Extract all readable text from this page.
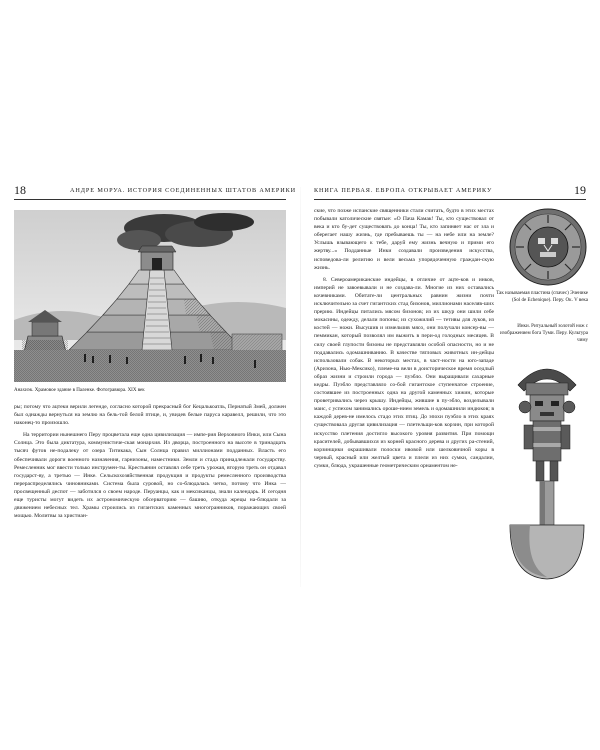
18	АНДРЕ МОРУА. ИСТОРИЯ СОЕДИНЕННЫХ ШТАТОВ АМЕРИКИ
Анахиэк. Храмовое здание в Паленке. Фотогравюра. XIX век

ры; потому что ацтеки верили легенде, согласно которой прекрасный бог Кецалькоатль, Пернатый Змей, должен был однажды вернуться на землю на бель-той белой птице, и, увидев белые паруса каравелл, решили, что это наконец-то произошло.

На территории нынешнего Перу процветала еще одна цивилизация — импе-рия Верховного Инки, или Сына Солнца. Это была диктатура, коммунистиче-ская монархия. Из дворца, построенного на высоте в тринадцать тысяч футов не-подалеку от озера Титикака, Сын Солнца правил миллионами подданных. Власть его обеспечивали дороги военного назначения, гарнизоны, наместники. Земли и стада принадлежали государству. Ремесленник мог ввести только инструмен-ты. Крестьянин оставлял себе треть урожая, вторую треть он отдавал государст-ву, а третью — Инке. Сельскохозяйственная продукция и продукты ремесленного производства перераспределялись чиновниками. Система была суровой, но со-блюдалась четко, потому что Инка — просвещенный деспот — заботился о своем народе. Перуанцы, как и мексиканцы, знали календарь. И сегодня еще туристы могут видеть их астрономическую обсерваторию — башню, откуда жрецы на-блюдали за движением небесных тел. Храмы строились из гигантских каменных многогранников, поражающих своей мощью. Молитвы за христиан-

КНИГА ПЕРВАЯ. ЕВРОПА ОТКРЫВАЕТ АМЕРИКУ	19

ские, что позже испанские священники стали считать, будто в этих местах побывали католические святые: «О Пача Камак! Ты, кто существовал от века и кто бу-дет существовать до конца! Ты, кто запиняет нас от зла и оберегает нашу жизнь, где пребываешь ты — на небе или на земле? Услышь взывающего к тебе, даруй ему жизнь вечную и прими его жертву...» Подданные Инки создавали произведения искусства, исповедова-ли религию и вели весьма упорядоченную граждан-скую жизнь.

8. Североамериканские индейцы, в отличие от ацте-ков и инков, империй не завоевывали и не создава-ли. Многие из них оставались кочевниками. Обитате-ли центральных равнин жизни почти исключительно за счет гигантских стад бизонов, миллионами населяв-ших прерию. Индейцы питались мясом бизонов; из их шкур они шили себе мокасины, одежду, делали попоны; из сухожилий — тетивы для луков, из костей — ножи. Высушив и измельчив мясо, они получали консер-вы — пеммикан, который позволял им выжить в пери-од голодных месяцев. В силу своей глупости бизоны не представляли особой опасности, но и не поддавались одомашниванию. В качестве тягловых животных ин-дейцы использовали собак. В некоторых местах, в част-ности на юго-западе (Аризона, Нью-Мексико), племе-на вели в доисторическое время оседлый образ жизни и строили города — пуэбло. Они выращивали сахарные кедры. Пуэбло представляло со-бой гигантское ступенчатое строение, состоявшее из построенных одна на другой каменных хижин, которые проветривались через крышу. Индейцы, жившие в пу-эбло, возделывали маис, с успехом занимались ороше-нием земель и одомашнили индюков; в каждой дерев-не имелось стадо этих птиц. До эпохи пуэбло в этих краях существовала другая цивилизация — плетельщи-ков корзин, при которой искусство плетения достигло высокого уровня развития. При помощи красителей, добывавшихся из корней красного дерева и других ра-стений, корзинщики окрашивали полоски ивовой или шелковичной коры в черный, красный или желтый цвета и плели из них сумки, сандалии, сумки, блюда, украшенные геометрическим орнаментом не-

Так называемая пластина (спачес) Эченике (Sol de Echenique). Перу. Ок. V века
Инки. Ритуальный золотой нож с изображением бога Туми. Перу. Культура чиму
